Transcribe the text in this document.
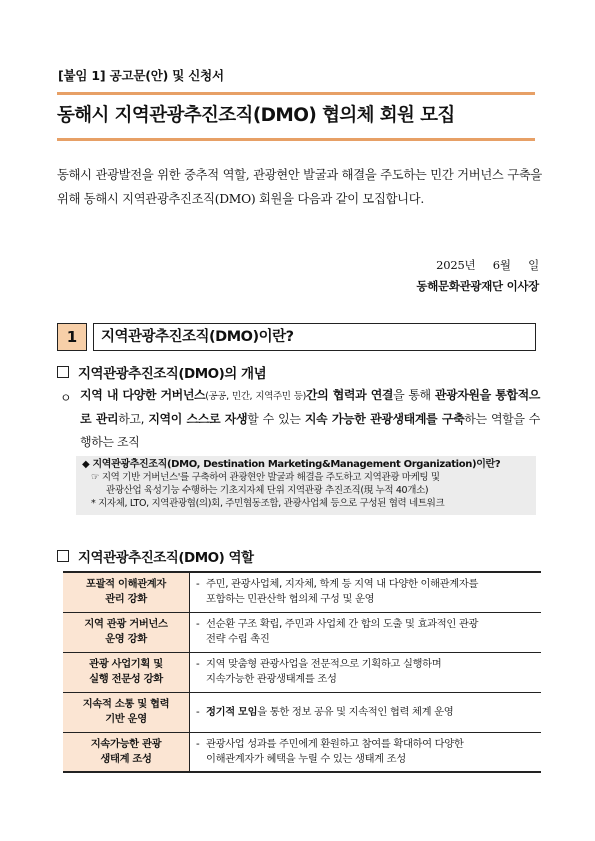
[붙임 1] 공고문(안) 및 신청서
동해시 지역관광추진조직(DMO) 협의체 회원 모집
동해시 관광발전을 위한 중추적 역할, 관광현안 발굴과 해결을 주도하는 민간 거버넌스 구축을 위해 동해시 지역관광추진조직(DMO) 회원을 다음과 같이 모집합니다.
2025년 6월 일
동해문화관광재단 이사장
1	지역관광추진조직(DMO)이란?
지역관광추진조직(DMO)의 개념
ㅇ 지역 내 다양한 거버넌스(공공, 민간, 지역주민 등)간의 협력과 연결을 통해 관광자원을 통합적으로 관리하고, 지역이 스스로 자생할 수 있는 지속 가능한 관광생태계를 구축하는 역할을 수행하는 조직
◆ 지역관광추진조직(DMO, Destination Marketing&Management Organization)이란?
☞ 지역 기반 거버넌스'를 구축하여 관광현안 발굴과 해결을 주도하고 지역관광 마케팅 및
관광산업 육성기능 수행하는 기초지자체 단위 지역관광 추진조직(現 누적 40개소)
* 지자체, LTO, 지역관광협(의)회, 주민협동조합, 관광사업체 등으로 구성된 협력 네트워크
지역관광추진조직(DMO) 역할
포괄적 이해관계자
관리 강화	- 주민, 관광사업체, 지자체, 학계 등 지역 내 다양한 이해관계자를
포함하는 민관산학 협의체 구성 및 운영

지역 관광 거버넌스
운영 강화	- 선순환 구조 확립, 주민과 사업체 간 합의 도출 및 효과적인 관광
전략 수립 촉진

관광 사업기획 및
실행 전문성 강화	- 지역 맞춤형 관광사업을 전문적으로 기획하고 실행하며
지속가능한 관광생태계를 조성

지속적 소통 및 협력
기반 운영	- 정기적 모임을 통한 정보 공유 및 지속적인 협력 체계 운영

지속가능한 관광
생태계 조성	- 관광사업 성과를 주민에게 환원하고 참여를 확대하여 다양한
이해관계자가 혜택을 누릴 수 있는 생태계 조성
